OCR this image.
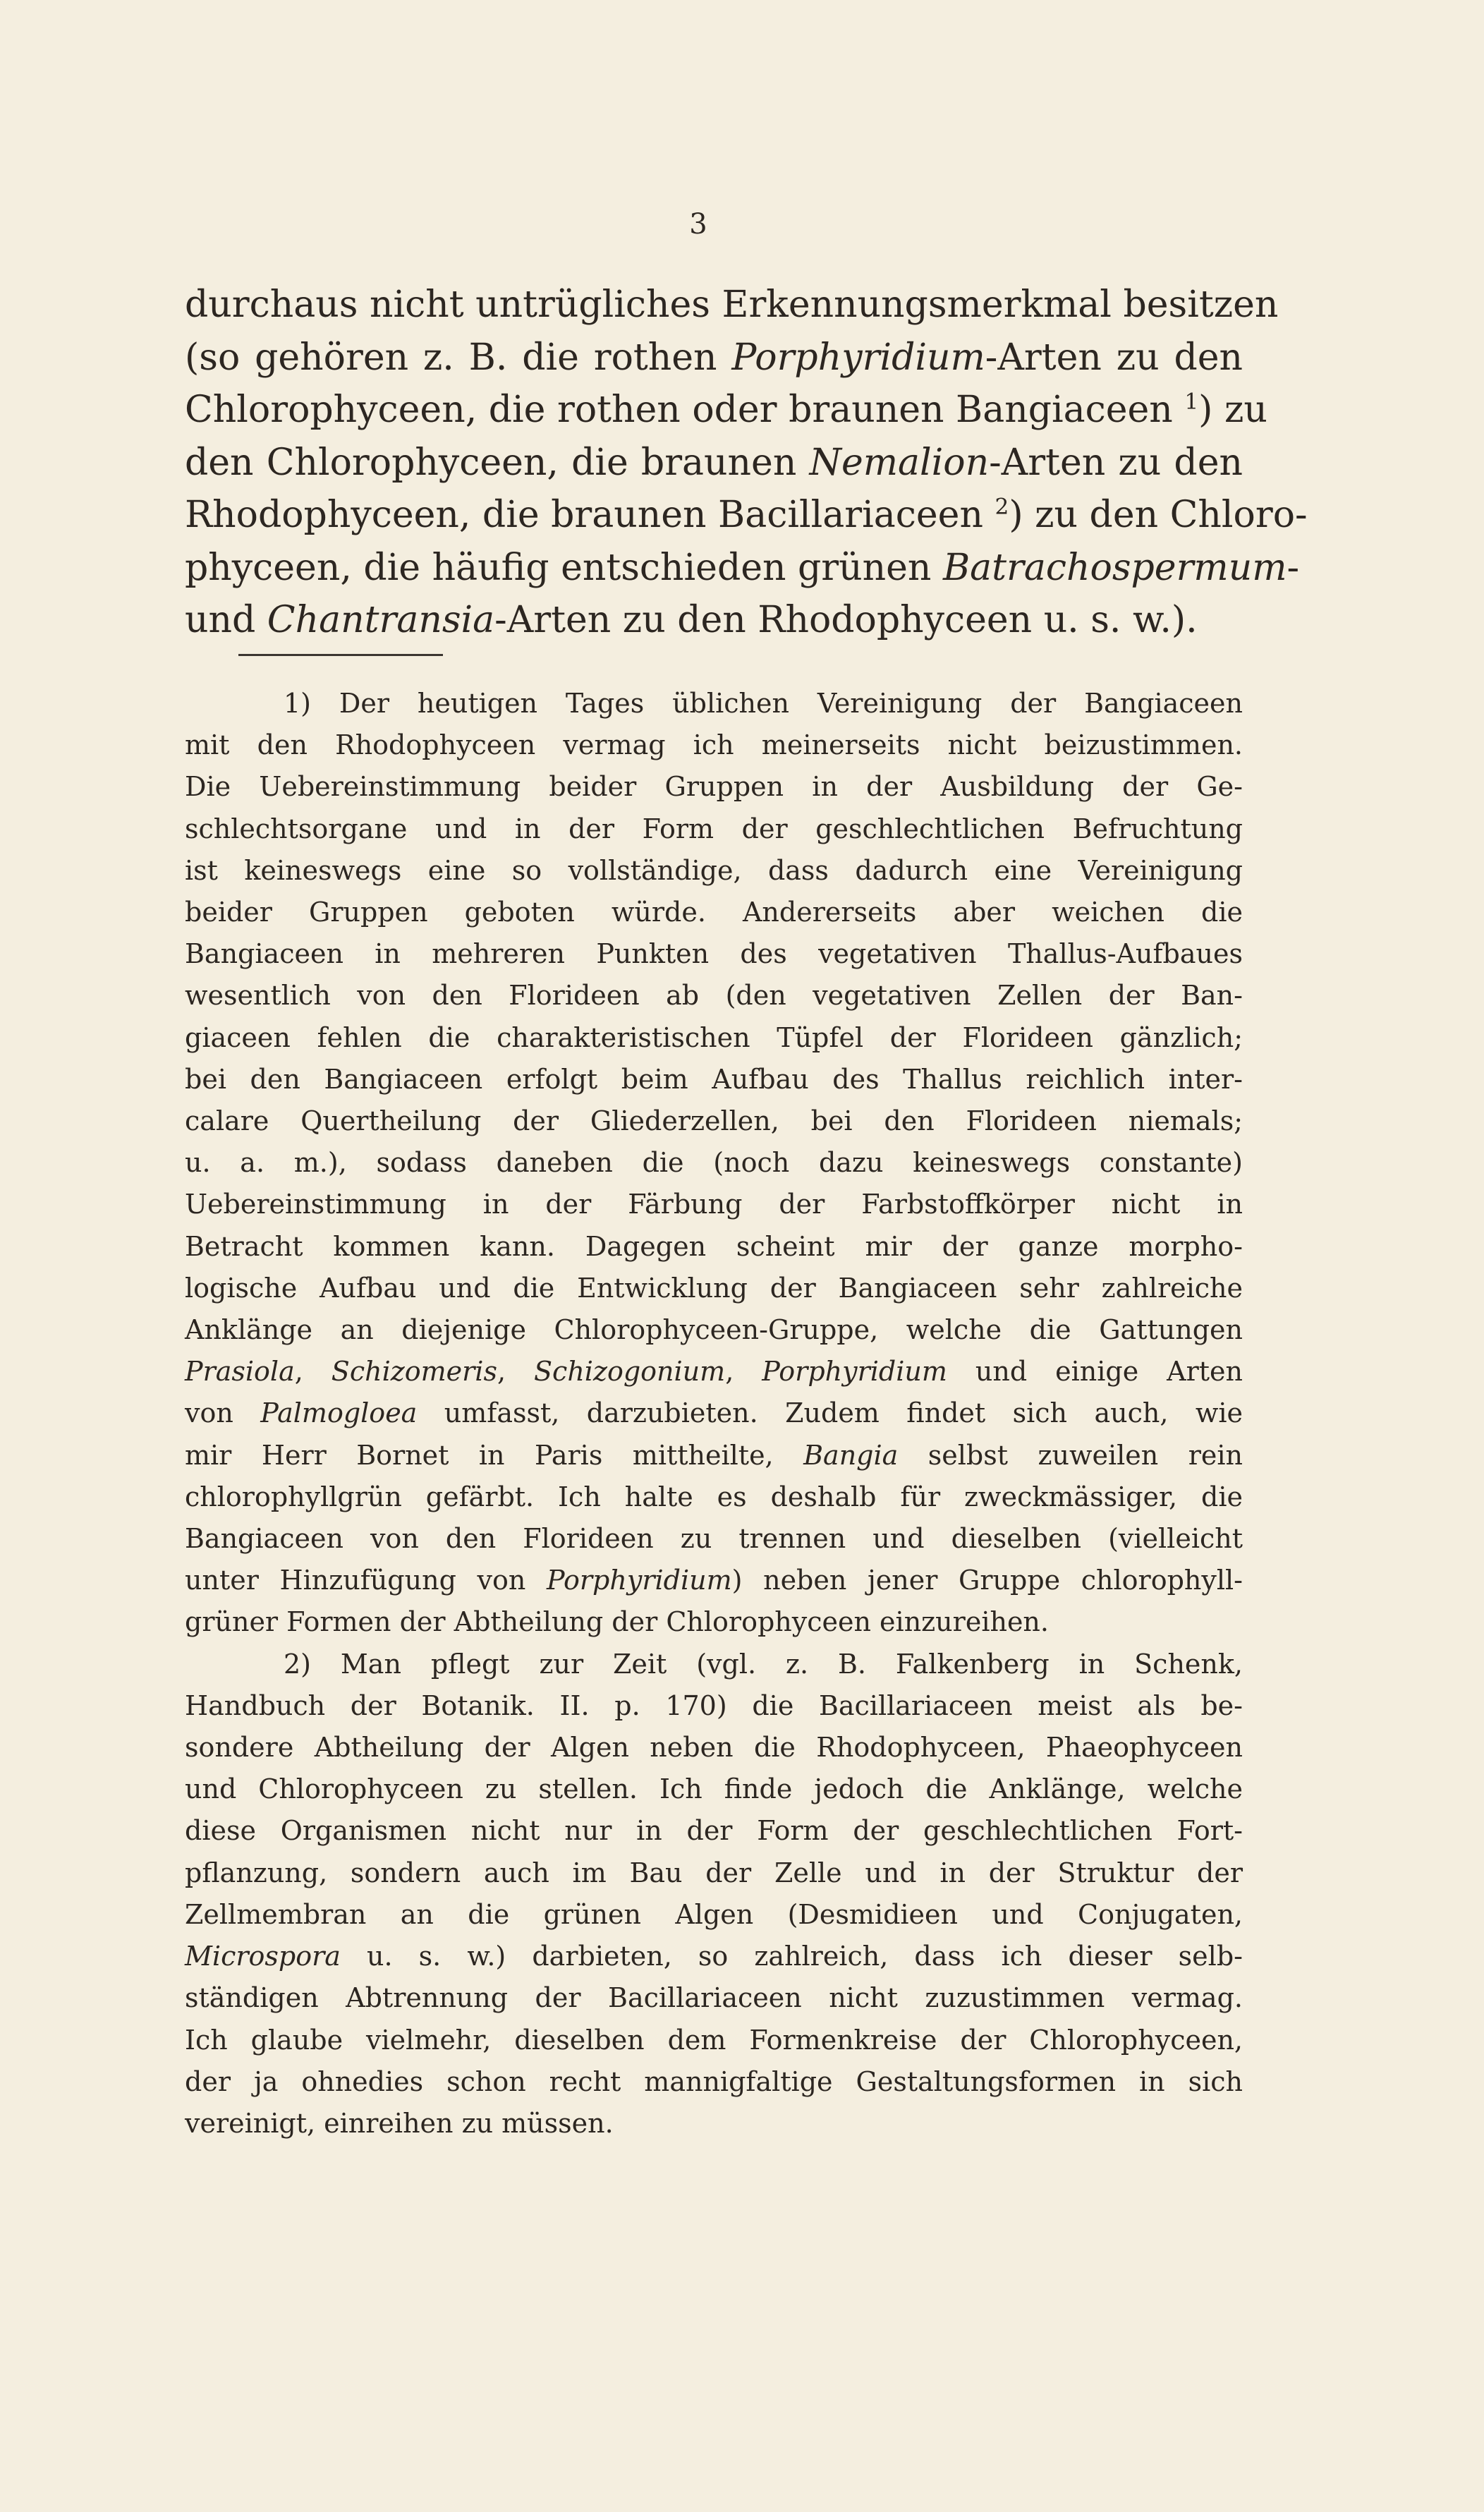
3
durchaus nicht untrügliches Erkennungsmerkmal besitzen
(so gehören z. B. die rothen Porphyridium-Arten zu den
Chlorophyceen, die rothen oder braunen Bangiaceen $^1$) zu
den Chlorophyceen, die braunen Nemalion-Arten zu den
Rhodophyceen, die braunen Bacillariaceen $^2$) zu den Chloro-
phyceen, die häufig entschieden grünen Batrachospermum-
und Chantransia-Arten zu den Rhodophyceen u. s. w.).
1) Der heutigen Tages üblichen Vereinigung der Bangiaceen
mit den Rhodophyceen vermag ich meinerseits nicht beizustimmen.
Die Uebereinstimmung beider Gruppen in der Ausbildung der Ge-
schlechtsorgane und in der Form der geschlechtlichen Befruchtung
ist keineswegs eine so vollständige, dass dadurch eine Vereinigung
beider Gruppen geboten würde. Andererseits aber weichen die
Bangiaceen in mehreren Punkten des vegetativen Thallus-Aufbaues
wesentlich von den Florideen ab (den vegetativen Zellen der Ban-
giaceen fehlen die charakteristischen Tüpfel der Florideen gänzlich;
bei den Bangiaceen erfolgt beim Aufbau des Thallus reichlich inter-
calare Quertheilung der Gliederzellen, bei den Florideen niemals;
u. a. m.), sodass daneben die (noch dazu keineswegs constante)
Uebereinstimmung in der Färbung der Farbstoffkörper nicht in
Betracht kommen kann. Dagegen scheint mir der ganze morpho-
logische Aufbau und die Entwicklung der Bangiaceen sehr zahlreiche
Anklänge an diejenige Chlorophyceen-Gruppe, welche die Gattungen
Prasiola, Schizomeris, Schizogonium, Porphyridium und einige Arten
von Palmogloea umfasst, darzubieten. Zudem findet sich auch, wie
mir Herr Bornet in Paris mittheilte, Bangia selbst zuweilen rein
chlorophyllgrün gefärbt. Ich halte es deshalb für zweckmässiger, die
Bangiaceen von den Florideen zu trennen und dieselben (vielleicht
unter Hinzufügung von Porphyridium) neben jener Gruppe chlorophyll-
grüner Formen der Abtheilung der Chlorophyceen einzureihen.
2) Man pflegt zur Zeit (vgl. z. B. Falkenberg in Schenk,
Handbuch der Botanik. II. p. 170) die Bacillariaceen meist als be-
sondere Abtheilung der Algen neben die Rhodophyceen, Phaeophyceen
und Chlorophyceen zu stellen. Ich finde jedoch die Anklänge, welche
diese Organismen nicht nur in der Form der geschlechtlichen Fort-
pflanzung, sondern auch im Bau der Zelle und in der Struktur der
Zellmembran an die grünen Algen (Desmidieen und Conjugaten,
Microspora u. s. w.) darbieten, so zahlreich, dass ich dieser selb-
ständigen Abtrennung der Bacillariaceen nicht zuzustimmen vermag.
Ich glaube vielmehr, dieselben dem Formenkreise der Chlorophyceen,
der ja ohnedies schon recht mannigfaltige Gestaltungsformen in sich
vereinigt, einreihen zu müssen.
